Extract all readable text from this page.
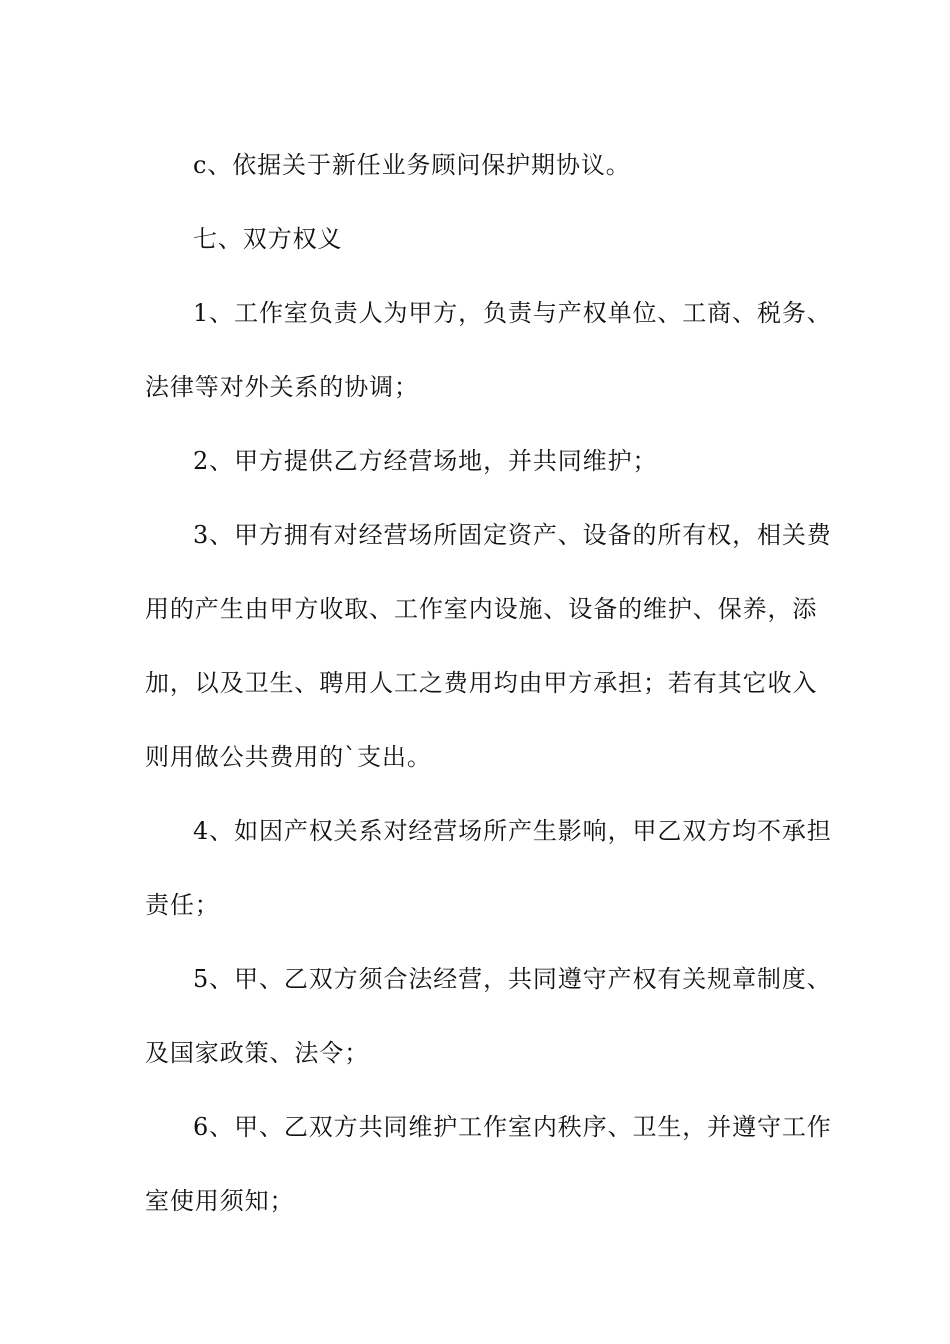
c、依据关于新任业务顾问保护期协议。
七、双方权义
1、工作室负责人为甲方，负责与产权单位、工商、税务、
法律等对外关系的协调；
2、甲方提供乙方经营场地，并共同维护；
3、甲方拥有对经营场所固定资产、设备的所有权，相关费
用的产生由甲方收取、工作室内设施、设备的维护、保养，添
加，以及卫生、聘用人工之费用均由甲方承担；若有其它收入
则用做公共费用的`支出。
4、如因产权关系对经营场所产生影响，甲乙双方均不承担
责任；
5、甲、乙双方须合法经营，共同遵守产权有关规章制度、
及国家政策、法令；
6、甲、乙双方共同维护工作室内秩序、卫生，并遵守工作
室使用须知；
